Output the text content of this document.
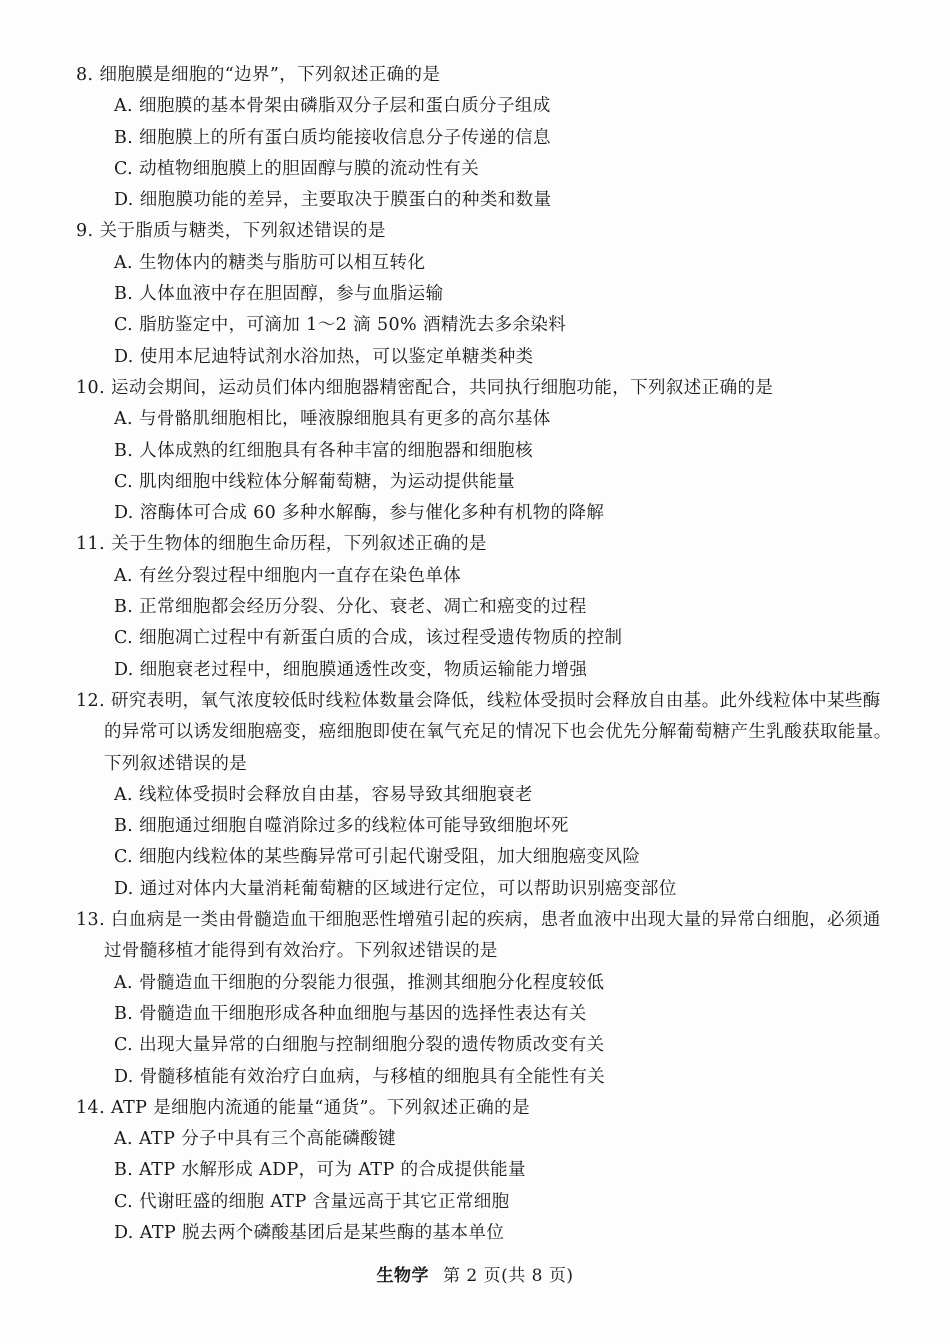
8. 细胞膜是细胞的“边界”，下列叙述正确的是
A. 细胞膜的基本骨架由磷脂双分子层和蛋白质分子组成
B. 细胞膜上的所有蛋白质均能接收信息分子传递的信息
C. 动植物细胞膜上的胆固醇与膜的流动性有关
D. 细胞膜功能的差异，主要取决于膜蛋白的种类和数量
9. 关于脂质与糖类，下列叙述错误的是
A. 生物体内的糖类与脂肪可以相互转化
B. 人体血液中存在胆固醇，参与血脂运输
C. 脂肪鉴定中，可滴加 1～2 滴 50% 酒精洗去多余染料
D. 使用本尼迪特试剂水浴加热，可以鉴定单糖类种类
10. 运动会期间，运动员们体内细胞器精密配合，共同执行细胞功能，下列叙述正确的是
A. 与骨骼肌细胞相比，唾液腺细胞具有更多的高尔基体
B. 人体成熟的红细胞具有各种丰富的细胞器和细胞核
C. 肌肉细胞中线粒体分解葡萄糖，为运动提供能量
D. 溶酶体可合成 60 多种水解酶，参与催化多种有机物的降解
11. 关于生物体的细胞生命历程，下列叙述正确的是
A. 有丝分裂过程中细胞内一直存在染色单体
B. 正常细胞都会经历分裂、分化、衰老、凋亡和癌变的过程
C. 细胞凋亡过程中有新蛋白质的合成，该过程受遗传物质的控制
D. 细胞衰老过程中，细胞膜通透性改变，物质运输能力增强
12. 研究表明，氧气浓度较低时线粒体数量会降低，线粒体受损时会释放自由基。此外线粒体中某些酶的异常可以诱发细胞癌变，癌细胞即使在氧气充足的情况下也会优先分解葡萄糖产生乳酸获取能量。下列叙述错误的是
A. 线粒体受损时会释放自由基，容易导致其细胞衰老
B. 细胞通过细胞自噬消除过多的线粒体可能导致细胞坏死
C. 细胞内线粒体的某些酶异常可引起代谢受阻，加大细胞癌变风险
D. 通过对体内大量消耗葡萄糖的区域进行定位，可以帮助识别癌变部位
13. 白血病是一类由骨髓造血干细胞恶性增殖引起的疾病，患者血液中出现大量的异常白细胞，必须通过骨髓移植才能得到有效治疗。下列叙述错误的是
A. 骨髓造血干细胞的分裂能力很强，推测其细胞分化程度较低
B. 骨髓造血干细胞形成各种血细胞与基因的选择性表达有关
C. 出现大量异常的白细胞与控制细胞分裂的遗传物质改变有关
D. 骨髓移植能有效治疗白血病，与移植的细胞具有全能性有关
14. ATP 是细胞内流通的能量“通货”。下列叙述正确的是
A. ATP 分子中具有三个高能磷酸键
B. ATP 水解形成 ADP，可为 ATP 的合成提供能量
C. 代谢旺盛的细胞 ATP 含量远高于其它正常细胞
D. ATP 脱去两个磷酸基团后是某些酶的基本单位
生物学 第 2 页(共 8 页)
